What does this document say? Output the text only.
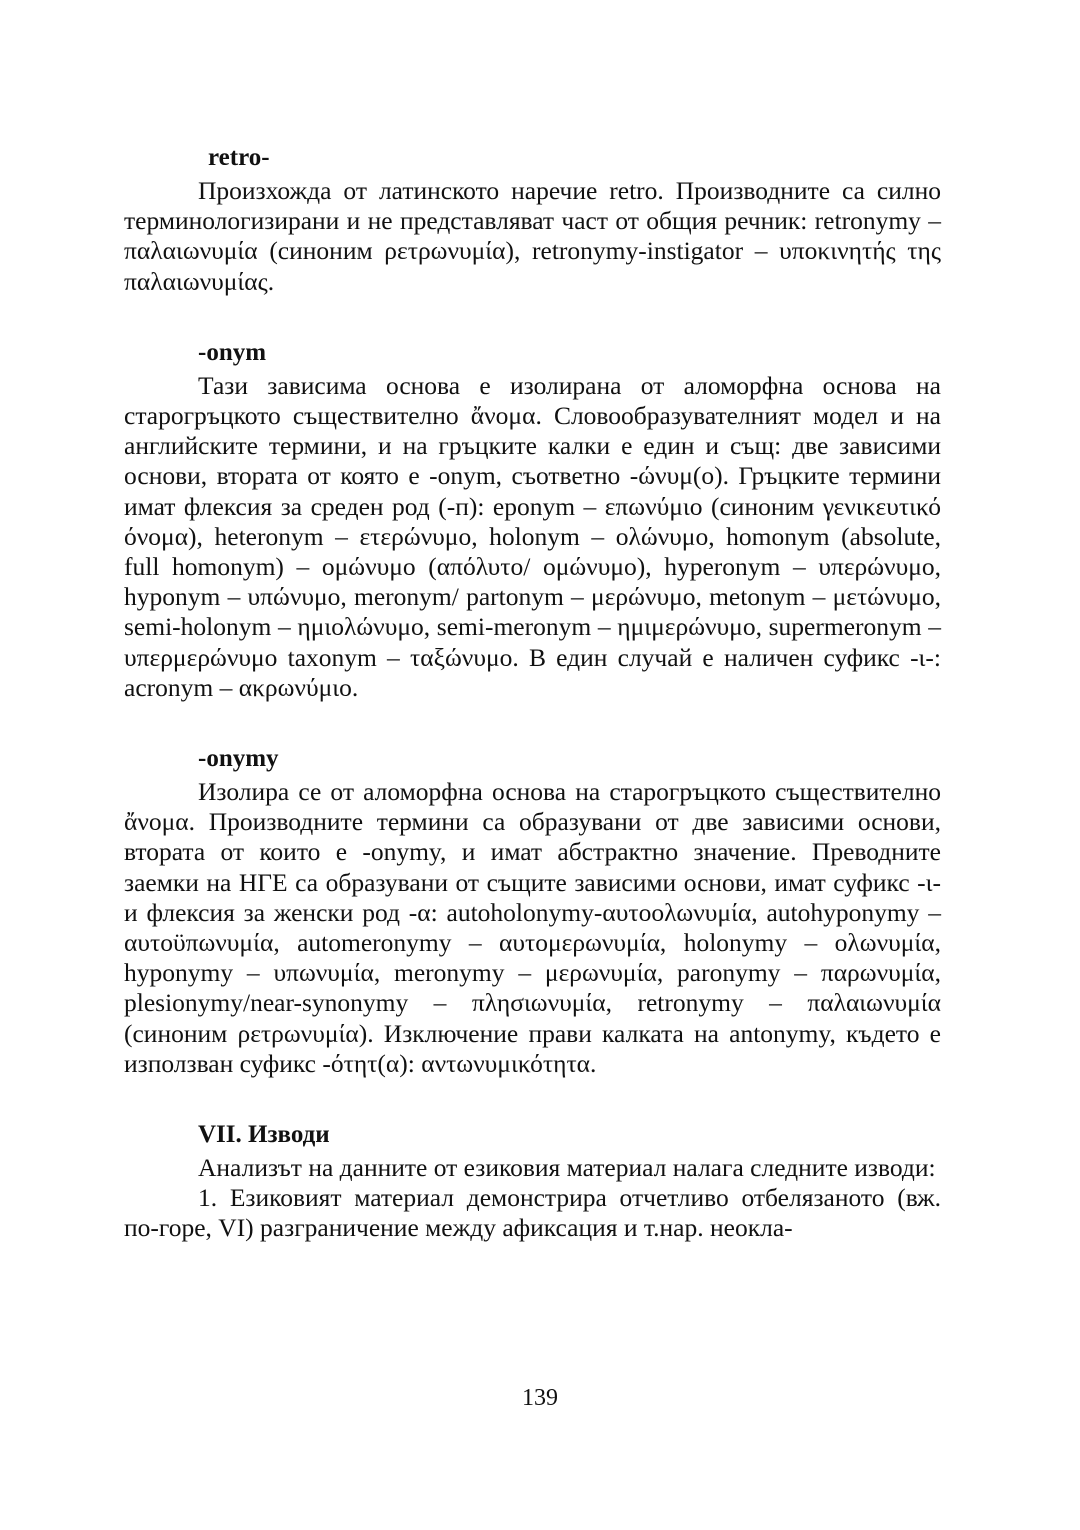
retro-

Произхожда от латинското наречие retro. Производните са силно терминологизирани и не представляват част от общия речник: retronymy – παλαιωνυμία (синоним ρετρωνυμία), retronymy-instigator – υποκινητής της παλαιωνυμίας.

-onym

Тази зависима основа е изолирана от аломорфна основа на старогръцкото съществително ἄνομα. Словообразувателният модел и на английските термини, и на гръцките калки е един и същ: две зависими основи, втората от която е -onym, съответно -ώνυμ(ο). Гръцките термини имат флексия за среден род (-п): eponym – επωνύμιο (синоним γενικευτικό όνομα), heteronym – ετερώνυμο, holonym – ολώνυμο, homonym (absolute, full homonym) – ομώνυμο (απόλυτο/ ομώνυμο), hyperonym – υπερώνυμο, hyponym – υπώνυμο, meronym/ partonym – μερώνυμο, metonym – μετώνυμο, semi-holonym – ημιολώνυμο, semi-meronym – ημιμερώνυμο, supermeronym – υπερμερώνυμο taxonym – ταξώνυμο. В един случай е наличен суфикс -ι-: acronym – ακρωνύμιο.

-onymy

Изолира се от аломорфна основа на старогръцкото съществително ἄνομα. Производните термини са образувани от две зависими основи, втората от които е -onymy, и имат абстрактно значение. Преводните заемки на НГЕ са образувани от същите зависими основи, имат суфикс -ι- и флексия за женски род -α: autoholonymy-αυτοολωνυμία, autohyponymy – αυτοϋπωνυμία, automeronymy – αυτομερωνυμία, holonymy – ολωνυμία, hyponymy – υπωνυμία, meronymy – μερωνυμία, paronymy – παρωνυμία, plesionymy/near-synonymy – πλησιωνυμία, retronymy – παλαιωνυμία (синоним ρετρωνυμία). Изключение прави калката на antonymy, където е използван суфикс -ότητ(α): αντωνυμικότητα.

VII. Изводи

Анализът на данните от езиковия материал налага следните изводи:

1. Езиковият материал демонстрира отчетливо отбелязаното (вж. по-горе, VI) разграничение между афиксация и т.нар. неокла-

139
